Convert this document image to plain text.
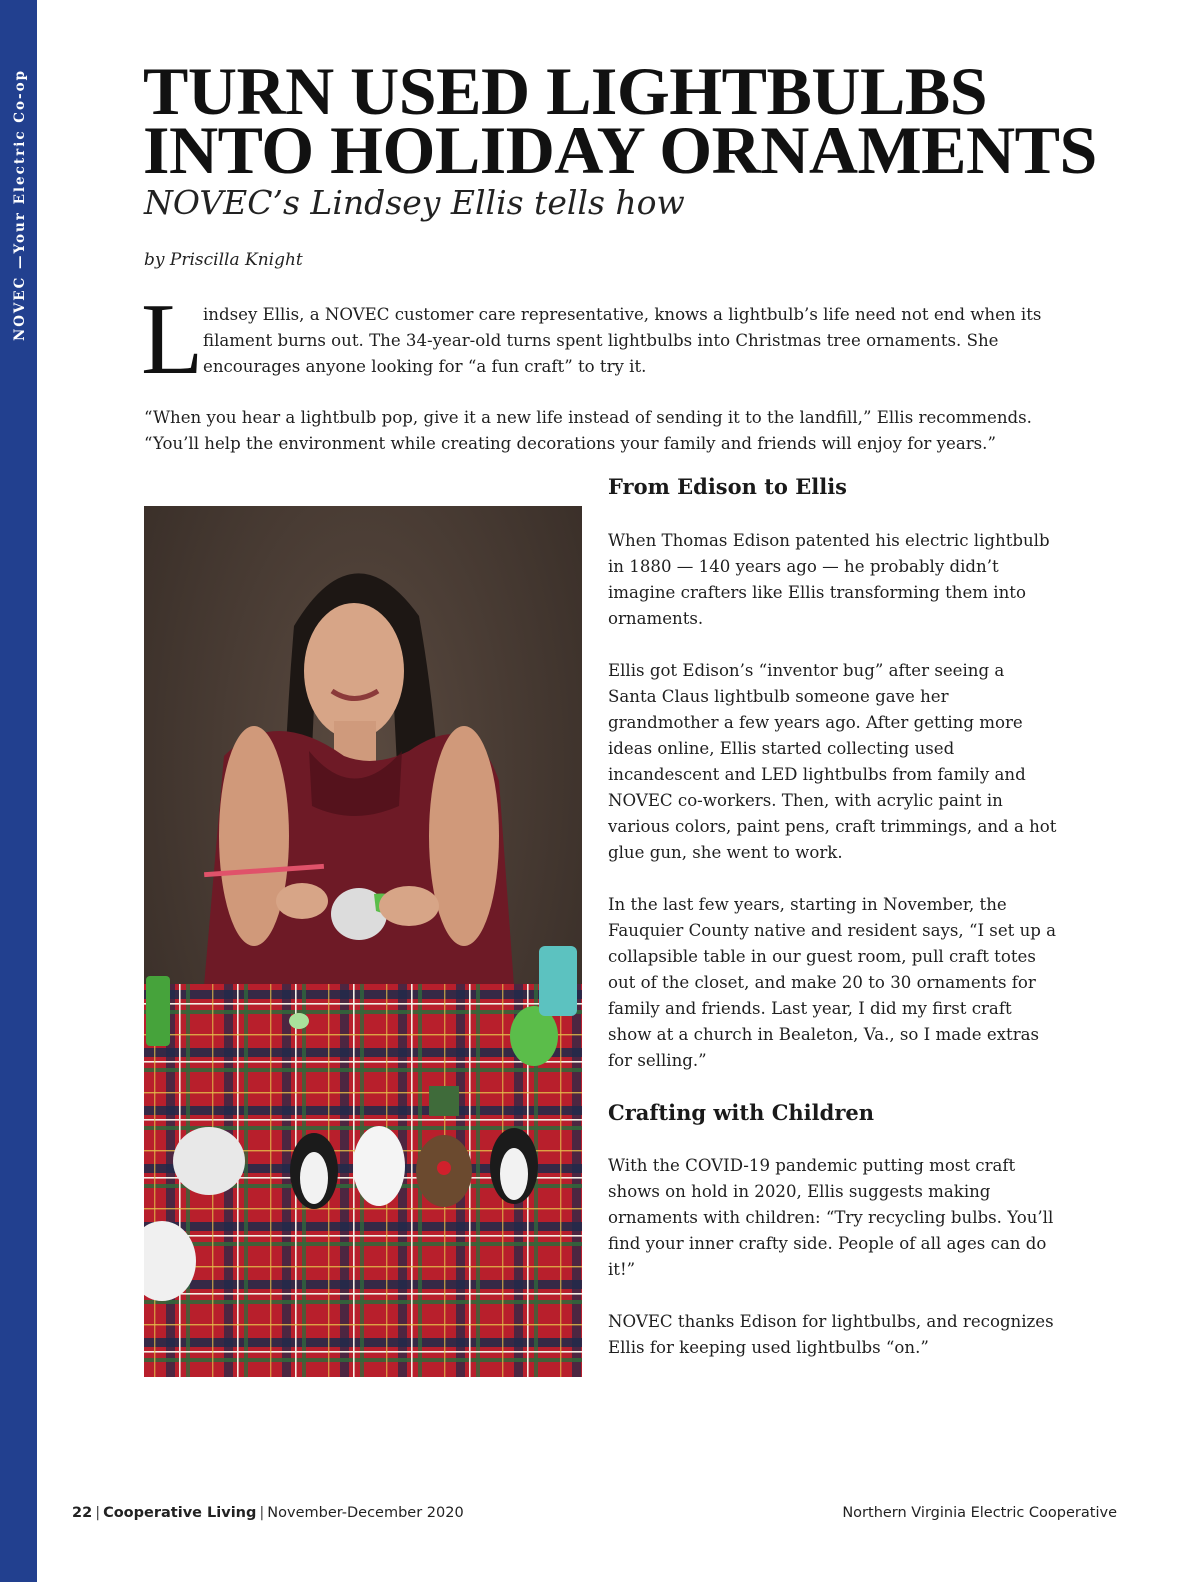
NOVEC —Your Electric Co-op TURN USED LIGHTBULBS
INTO HOLIDAY ORNAMENTS
NOVEC’s Lindsey Ellis tells how
by Priscilla Knight
L indsey Ellis, a NOVEC customer care representative, knows a lightbulb’s life need not end when its filament burns out. The 34-year-old turns spent lightbulbs into Christmas tree ornaments. She encourages anyone looking for “a fun craft” to try it.

“When you hear a lightbulb pop, give it a new life instead of sending it to the landfill,” Ellis recommends. “You’ll help the environment while creating decorations your family and friends will enjoy for years.”

From Edison to Ellis

When Thomas Edison patented his electric lightbulb in 1880 — 140 years ago — he probably didn’t imagine crafters like Ellis transforming them into ornaments.

Ellis got Edison’s “inventor bug” after seeing a Santa Claus lightbulb someone gave her grandmother a few years ago. After getting more ideas online, Ellis started collecting used incandescent and LED lightbulbs from family and NOVEC co-workers. Then, with acrylic paint in various colors, paint pens, craft trimmings, and a hot glue gun, she went to work.

In the last few years, starting in November, the Fauquier County native and resident says, “I set up a collapsible table in our guest room, pull craft totes out of the closet, and make 20 to 30 ornaments for family and friends. Last year, I did my first craft show at a church in Bealeton, Va., so I made extras for selling.”

Crafting with Children

With the COVID-19 pandemic putting most craft shows on hold in 2020, Ellis suggests making ornaments with children: “Try recycling bulbs. You’ll find your inner crafty side. People of all ages can do it!”

NOVEC thanks Edison for lightbulbs, and recognizes Ellis for keeping used lightbulbs “on.”

22 | Cooperative Living | November-December 2020	Northern Virginia Electric Cooperative
